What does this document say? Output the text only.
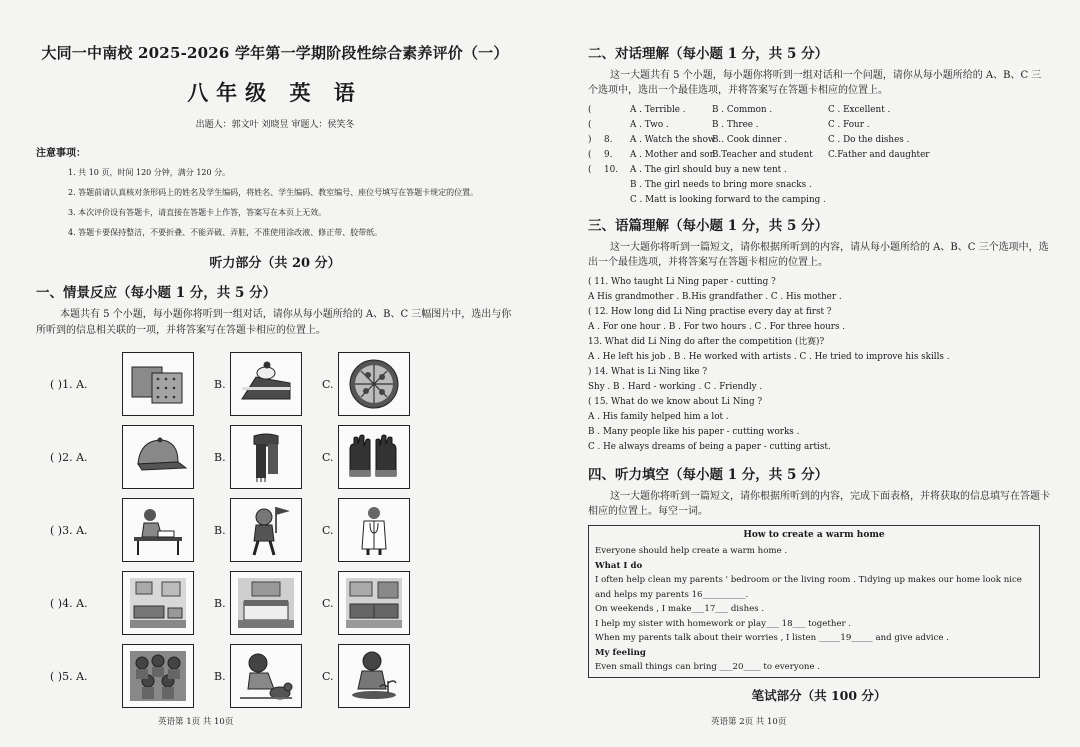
大同一中南校 2025-2026 学年第一学期阶段性综合素养评价（一）
八年级 英 语
出题人：郭文叶 刘晓昱 审题人：侯笑冬
注意事项：
1. 共 10 页，时间 120 分钟，满分 120 分。
2. 答题前请认真核对条形码上的姓名及学生编码，将姓名、学生编码、教室编号、座位号填写在答题卡规定的位置。
3. 本次评价设有答题卡，请直接在答题卡上作答，答案写在本页上无效。
4. 答题卡要保持整洁，不要折叠、不能弄破、弄脏，不准使用涂改液、修正带、胶带纸。
听力部分（共 20 分）
一、情景反应（每小题 1 分，共 5 分）

本题共有 5 个小题，每小题你将听到一组对话，请你从每小题所给的 A、B、C 三幅图片中，选出与你所听到的信息相关联的一项，并将答案写在答题卡相应的位置上。

( )1. A.	B.	C.
( )2. A.	B.	C.
( )3. A.	B.	C.
( )4. A.	B.	C.
( )5. A.	B.	C.
英语第 1页 共 10页
二、对话理解（每小题 1 分，共 5 分）

这一大题共有 5 个小题，每小题你将听到一组对话和一个问题，请你从每小题所给的 A、B、C 三个选项中，选出一个最佳选项，并将答案写在答题卡相应的位置上。

(	A . Terrible .	B . Common .	C . Excellent .
(	A . Two .	B . Three .	C . Four .
) 8. A . Watch the show .B . Cook dinner .	C . Do the dishes .
( 9. A . Mother and sonB.Teacher and student C.Father and daughter
( 10. A . The girl should buy a new tent .
B . The girl needs to bring more snacks .
C . Matt is looking forward to the camping .
三、语篇理解（每小题 1 分，共 5 分）

这一大题你将听到一篇短文，请你根据所听到的内容，请从每小题所给的 A、B、C 三个选项中，选出一个最佳选项，并将答案写在答题卡相应的位置上。

( 11. Who taught Li Ning paper - cutting ?
A His grandmother . B.His grandfather . C . His mother .
( 12. How long did Li Ning practise every day at first ?
A . For one hour . B . For two hours . C . For three hours .
13. What did Li Ning do after the competition (比赛)?
A . He left his job . B . He worked with artists . C . He tried to improve his skills .
) 14. What is Li Ning like ?
Shy . B . Hard - working . C . Friendly .
( 15. What do we know about Li Ning ?
A . His family helped him a lot .
B . Many people like his paper - cutting works .
C . He always dreams of being a paper - cutting artist.
四、听力填空（每小题 1 分，共 5 分）

这一大题你将听到一篇短文，请你根据所听到的内容，完成下面表格，并将获取的信息填写在答题卡相应的位置上。每空一词。

How to create a warm home
Everyone should help create a warm home .
What I do
I often help clean my parents ' bedroom or the living room . Tidying up makes our home look nice and helps my parents 16__________.
On weekends , I make___17___ dishes .
I help my sister with homework or play___ 18___ together .
When my parents talk about their worries , I listen _____19_____ and give advice .
My feeling
Even small things can bring ___20____ to everyone .
笔试部分（共 100 分）
英语第 2页 共 10页
